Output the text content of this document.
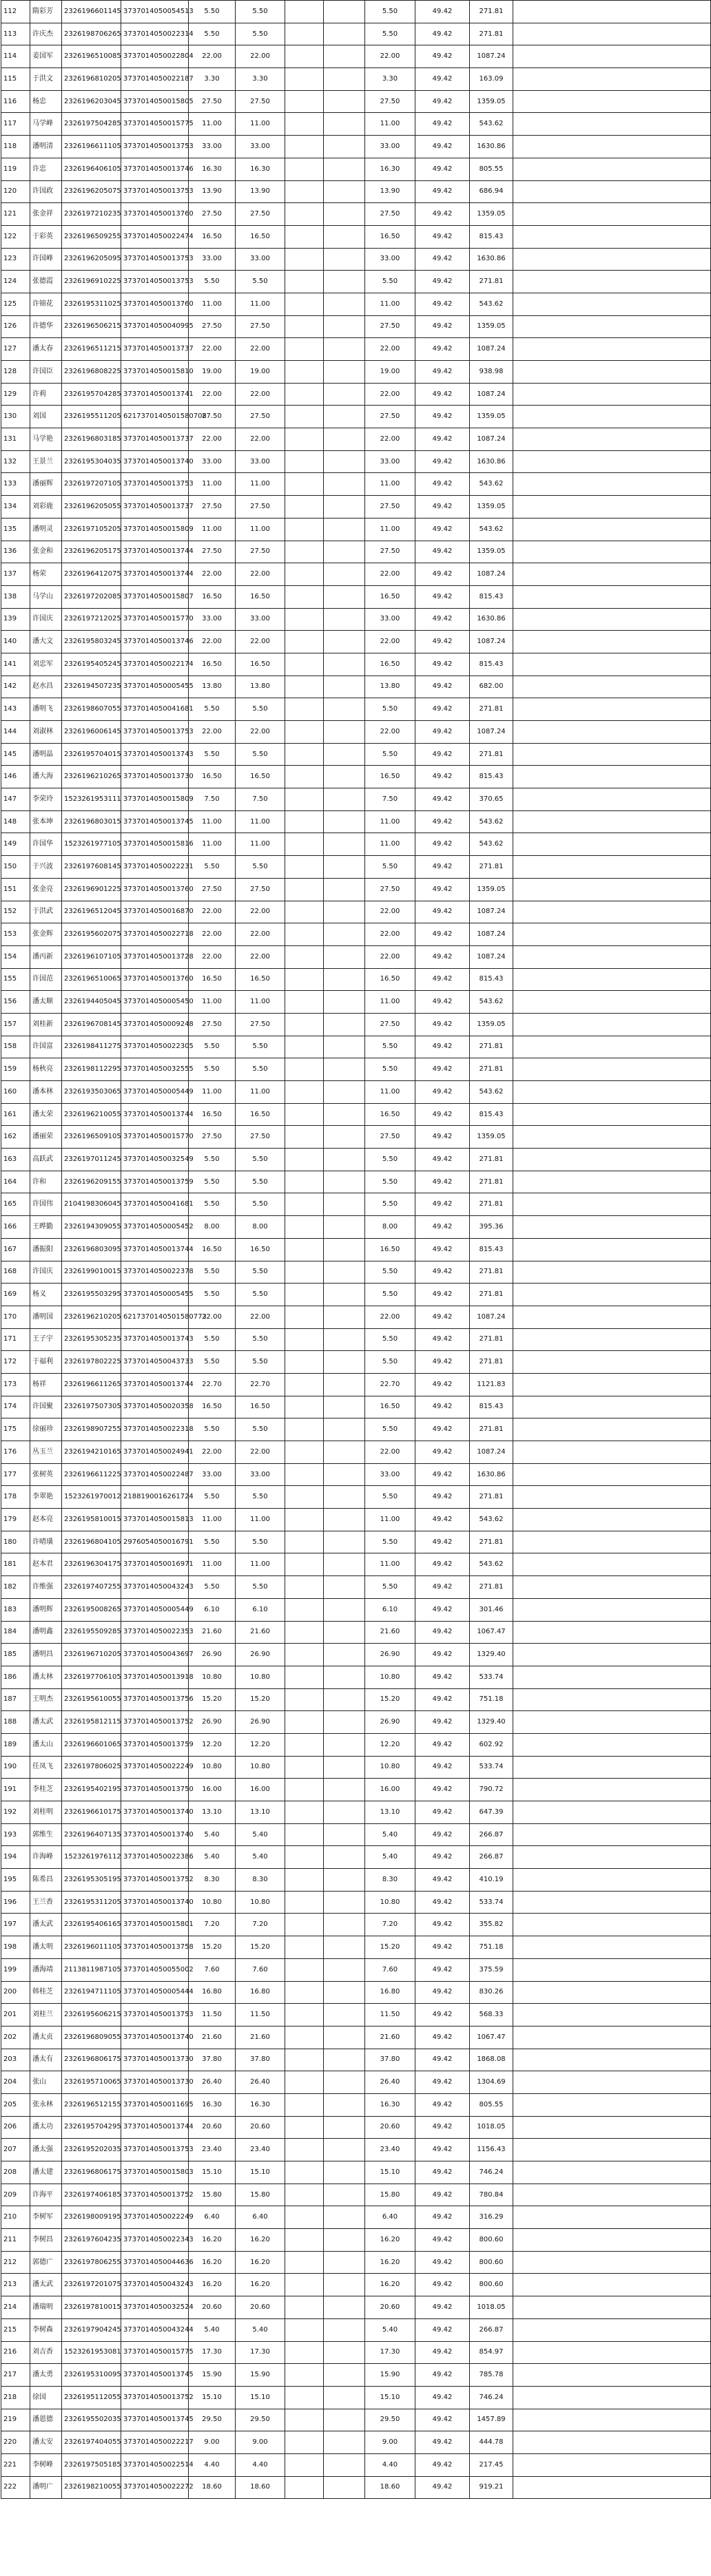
112	隋彩芳	2326196601145	3737014050054513	5.50	5.50			5.50	49.42	271.81	
113	许庆杰	2326198706265	3737014050022314	5.50	5.50			5.50	49.42	271.81	
114	姜国军	2326196510085	3737014050022804	22.00	22.00			22.00	49.42	1087.24	
115	于洪文	2326196810205	3737014050022187	3.30	3.30			3.30	49.42	163.09	
116	杨忠	2326196203045	3737014050015805	27.50	27.50			27.50	49.42	1359.05	
117	马学峰	2326197504285	3737014050015775	11.00	11.00			11.00	49.42	543.62	
118	潘明清	2326196611105	3737014050013753	33.00	33.00			33.00	49.42	1630.86	
119	许忠	2326196406105	3737014050013746	16.30	16.30			16.30	49.42	805.55	
120	许国政	2326196205075	3737014050013753	13.90	13.90			13.90	49.42	686.94	
121	张金祥	2326197210235	3737014050013760	27.50	27.50			27.50	49.42	1359.05	
122	于彩英	2326196509255	3737014050022474	16.50	16.50			16.50	49.42	815.43	
123	许国峰	2326196205095	3737014050013753	33.00	33.00			33.00	49.42	1630.86	
124	张德霞	2326196910225	3737014050013753	5.50	5.50			5.50	49.42	271.81	
125	许锦花	2326195311025	3737014050013760	11.00	11.00			11.00	49.42	543.62	
126	许德华	2326196506215	3737014050040995	27.50	27.50			27.50	49.42	1359.05	
127	潘太春	2326196511215	3737014050013737	22.00	22.00			22.00	49.42	1087.24	
128	许国臣	2326196808225	3737014050015810	19.00	19.00			19.00	49.42	938.98	
129	许莉	2326195704285	3737014050013741	22.00	22.00			22.00	49.42	1087.24	
130	刘国	2326195511205	6217370140501580708	27.50	27.50			27.50	49.42	1359.05	
131	马学艳	2326196803185	3737014050013737	22.00	22.00			22.00	49.42	1087.24	
132	王景兰	2326195304035	3737014050013740	33.00	33.00			33.00	49.42	1630.86	
133	潘丽辉	2326197207105	3737014050013753	11.00	11.00			11.00	49.42	543.62	
134	刘彩鹿	2326196205055	3737014050013737	27.50	27.50			27.50	49.42	1359.05	
135	潘明灵	2326197105205	3737014050015809	11.00	11.00			11.00	49.42	543.62	
136	张金和	2326196205175	3737014050013744	27.50	27.50			27.50	49.42	1359.05	
137	杨荣	2326196412075	3737014050013744	22.00	22.00			22.00	49.42	1087.24	
138	马学山	2326197202085	3737014050015807	16.50	16.50			16.50	49.42	815.43	
139	许国庆	2326197212025	3737014050015770	33.00	33.00			33.00	49.42	1630.86	
140	潘大文	2326195803245	3737014050013746	22.00	22.00			22.00	49.42	1087.24	
141	刘忠军	2326195405245	3737014050022174	16.50	16.50			16.50	49.42	815.43	
142	赵水昌	2326194507235	3737014050005455	13.80	13.80			13.80	49.42	682.00	
143	潘明飞	2326198607055	3737014050041681	5.50	5.50			5.50	49.42	271.81	
144	刘淑林	2326196006145	3737014050013753	22.00	22.00			22.00	49.42	1087.24	
145	潘明晶	2326195704015	3737014050013743	5.50	5.50			5.50	49.42	271.81	
146	潘大海	2326196210265	3737014050013730	16.50	16.50			16.50	49.42	815.43	
147	李荣玲	1523261953111	3737014050015809	7.50	7.50			7.50	49.42	370.65	
148	张本坤	2326196803015	3737014050013745	11.00	11.00			11.00	49.42	543.62	
149	许国华	1523261977105	3737014050015816	11.00	11.00			11.00	49.42	543.62	
150	于兴波	2326197608145	3737014050022231	5.50	5.50			5.50	49.42	271.81	
151	张金亮	2326196901225	3737014050013760	27.50	27.50			27.50	49.42	1359.05	
152	于洪武	2326196512045	3737014050016870	22.00	22.00			22.00	49.42	1087.24	
153	张金辉	2326195602075	3737014050022718	22.00	22.00			22.00	49.42	1087.24	
154	潘丙新	2326196107105	3737014050013728	22.00	22.00			22.00	49.42	1087.24	
155	许国范	2326196510065	3737014050013760	16.50	16.50			16.50	49.42	815.43	
156	潘太顺	2326194405045	3737014050005450	11.00	11.00			11.00	49.42	543.62	
157	刘桂新	2326196708145	3737014050009248	27.50	27.50			27.50	49.42	1359.05	
158	许国富	2326198411275	3737014050022305	5.50	5.50			5.50	49.42	271.81	
159	杨秋亮	2326198112295	3737014050032555	5.50	5.50			5.50	49.42	271.81	
160	潘本林	2326193503065	3737014050005449	11.00	11.00			11.00	49.42	543.62	
161	潘太荣	2326196210055	3737014050013744	16.50	16.50			16.50	49.42	815.43	
162	潘丽荣	2326196509105	3737014050015770	27.50	27.50			27.50	49.42	1359.05	
163	高跃武	2326197011245	3737014050032549	5.50	5.50			5.50	49.42	271.81	
164	许和	2326196209155	3737014050013759	5.50	5.50			5.50	49.42	271.81	
165	许国伟	2104198306045	3737014050041681	5.50	5.50			5.50	49.42	271.81	
166	王晔勤	2326194309055	3737014050005452	8.00	8.00			8.00	49.42	395.36	
167	潘振阳	2326196803095	3737014050013744	16.50	16.50			16.50	49.42	815.43	
168	许国庆	2326199010015	3737014050022378	5.50	5.50			5.50	49.42	271.81	
169	杨义	2326195503295	3737014050005455	5.50	5.50			5.50	49.42	271.81	
170	潘明国	2326196210205	6217370140501580773	22.00	22.00			22.00	49.42	1087.24	
171	王子宇	2326195305235	3737014050013743	5.50	5.50			5.50	49.42	271.81	
172	于福利	2326197802225	3737014050043733	5.50	5.50			5.50	49.42	271.81	
173	杨祥	2326196611265	3737014050013744	22.70	22.70			22.70	49.42	1121.83	
174	许国聚	2326197507305	3737014050020358	16.50	16.50			16.50	49.42	815.43	
175	徐丽珍	2326198907255	3737014050022318	5.50	5.50			5.50	49.42	271.81	
176	丛玉兰	2326194210165	3737014050024941	22.00	22.00			22.00	49.42	1087.24	
177	张树英	2326196611225	3737014050022487	33.00	33.00			33.00	49.42	1630.86	
178	李翠艳	1523261970012	2188190016261724	5.50	5.50			5.50	49.42	271.81	
179	赵本亮	2326195810015	3737014050015813	11.00	11.00			11.00	49.42	543.62	
180	许晴璜	2326196804105	2976054050016791	5.50	5.50			5.50	49.42	271.81	
181	赵本君	2326196304175	3737014050016971	11.00	11.00			11.00	49.42	543.62	
182	许维强	2326197407255	3737014050043243	5.50	5.50			5.50	49.42	271.81	
183	潘明辉	2326195008265	3737014050005449	6.10	6.10			6.10	49.42	301.46	
184	潘明鑫	2326195509285	3737014050022353	21.60	21.60			21.60	49.42	1067.47	
185	潘明昌	2326196710205	3737014050043697	26.90	26.90			26.90	49.42	1329.40	
186	潘太林	2326197706105	3737014050013918	10.80	10.80			10.80	49.42	533.74	
187	王明杰	2326195610055	3737014050013756	15.20	15.20			15.20	49.42	751.18	
188	潘太武	2326195812115	3737014050013752	26.90	26.90			26.90	49.42	1329.40	
189	潘太山	2326196601065	3737014050013759	12.20	12.20			12.20	49.42	602.92	
190	任凤飞	2326197806025	3737014050022249	10.80	10.80			10.80	49.42	533.74	
191	李桂芝	2326195402195	3737014050013750	16.00	16.00			16.00	49.42	790.72	
192	刘桂明	2326196610175	3737014050013740	13.10	13.10			13.10	49.42	647.39	
193	郭维生	2326196407135	3737014050013740	5.40	5.40			5.40	49.42	266.87	
194	许海峰	1523261976112	3737014050022386	5.40	5.40			5.40	49.42	266.87	
195	陈希昌	2326195305195	3737014050013752	8.30	8.30			8.30	49.42	410.19	
196	王兰香	2326195311205	3737014050013740	10.80	10.80			10.80	49.42	533.74	
197	潘太武	2326195406165	3737014050015801	7.20	7.20			7.20	49.42	355.82	
198	潘太明	2326196011105	3737014050013758	15.20	15.20			15.20	49.42	751.18	
199	潘海靖	2113811987105	3737014050055002	7.60	7.60			7.60	49.42	375.59	
200	韩桂芝	2326194711105	3737014050005444	16.80	16.80			16.80	49.42	830.26	
201	刘桂兰	2326195606215	3737014050013753	11.50	11.50			11.50	49.42	568.33	
202	潘太贞	2326196809055	3737014050013740	21.60	21.60			21.60	49.42	1067.47	
203	潘太有	2326196806175	3737014050013730	37.80	37.80			37.80	49.42	1868.08	
204	张山	2326195710065	3737014050013730	26.40	26.40			26.40	49.42	1304.69	
205	张永林	2326196512155	3737014050011695	16.30	16.30			16.30	49.42	805.55	
206	潘太功	2326195704295	3737014050013744	20.60	20.60			20.60	49.42	1018.05	
207	潘太强	2326195202035	3737014050013753	23.40	23.40			23.40	49.42	1156.43	
208	潘太建	2326196806175	3737014050015803	15.10	15.10			15.10	49.42	746.24	
209	许海平	2326197406185	3737014050013752	15.80	15.80			15.80	49.42	780.84	
210	李树军	2326198009195	3737014050022249	6.40	6.40			6.40	49.42	316.29	
211	李树昌	2326197604235	3737014050022343	16.20	16.20			16.20	49.42	800.60	
212	郭德广	2326197806255	3737014050044636	16.20	16.20			16.20	49.42	800.60	
213	潘太武	2326197201075	3737014050043243	16.20	16.20			16.20	49.42	800.60	
214	潘瑞明	2326197810015	3737014050032524	20.60	20.60			20.60	49.42	1018.05	
215	李树森	2326197904245	3737014050043244	5.40	5.40			5.40	49.42	266.87	
216	刘吉香	1523261953081	3737014050015775	17.30	17.30			17.30	49.42	854.97	
217	潘太勇	2326195310095	3737014050013745	15.90	15.90			15.90	49.42	785.78	
218	徐国	2326195112055	3737014050013752	15.10	15.10			15.10	49.42	746.24	
219	潘恩德	2326195502035	3737014050013745	29.50	29.50			29.50	49.42	1457.89	
220	潘太安	2326197404055	3737014050022217	9.00	9.00			9.00	49.42	444.78	
221	李树峰	2326197505185	3737014050022514	4.40	4.40			4.40	49.42	217.45	
222	潘明广	2326198210055	3737014050022272	18.60	18.60			18.60	49.42	919.21	
